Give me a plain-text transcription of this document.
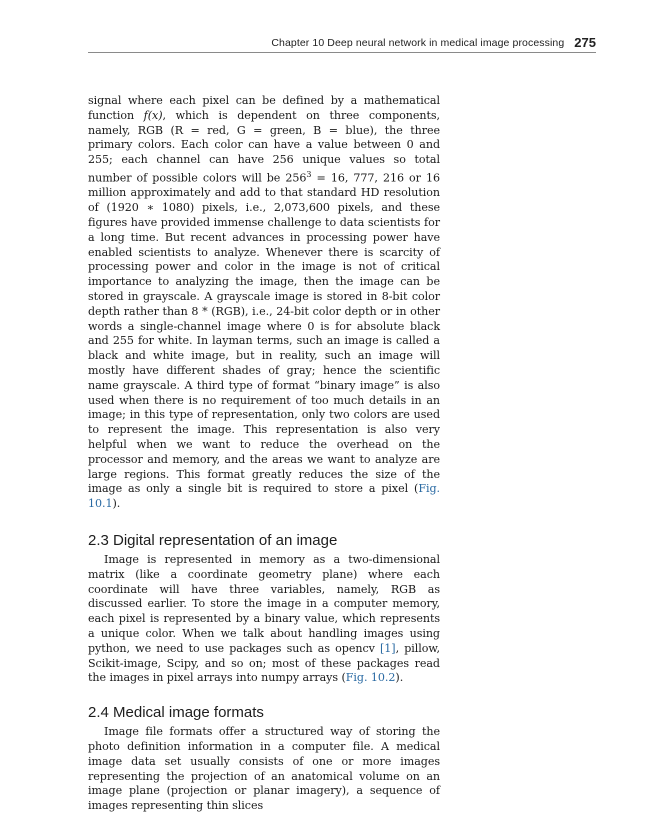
Chapter 10 Deep neural network in medical image processing 275

signal where each pixel can be defined by a mathematical function f(x), which is dependent on three components, namely, RGB (R = red, G = green, B = blue), the three primary colors. Each color can have a value between 0 and 255; each channel can have 256 unique values so total number of possible colors will be $256^3 = 16$, 777, 216 or 16 million approximately and add to that standard HD resolution of (1920 ∗ 1080) pixels, i.e., 2,073,600 pixels, and these figures have provided immense challenge to data scientists for a long time. But recent advances in processing power have enabled scientists to analyze. Whenever there is scarcity of processing power and color in the image is not of critical importance to analyzing the image, then the image can be stored in grayscale. A grayscale image is stored in 8-bit color depth rather than 8 * (RGB), i.e., 24-bit color depth or in other words a single-channel image where 0 is for absolute black and 255 for white. In layman terms, such an image is called a black and white image, but in reality, such an image will mostly have different shades of gray; hence the scientific name grayscale. A third type of format “binary image” is also used when there is no requirement of too much details in an image; in this type of representation, only two colors are used to represent the image. This representation is also very helpful when we want to reduce the overhead on the processor and memory, and the areas we want to analyze are large regions. This format greatly reduces the size of the image as only a single bit is required to store a pixel (Fig. 10.1).

2.3 Digital representation of an image

Image is represented in memory as a two-dimensional matrix (like a coordinate geometry plane) where each coordinate will have three variables, namely, RGB as discussed earlier. To store the image in a computer memory, each pixel is represented by a binary value, which represents a unique color. When we talk about handling images using python, we need to use packages such as opencv [1], pillow, Scikit-image, Scipy, and so on; most of these packages read the images in pixel arrays into numpy arrays (Fig. 10.2).

2.4 Medical image formats

Image file formats offer a structured way of storing the photo definition information in a computer file. A medical image data set usually consists of one or more images representing the projection of an anatomical volume on an image plane (projection or planar imagery), a sequence of images representing thin slices
